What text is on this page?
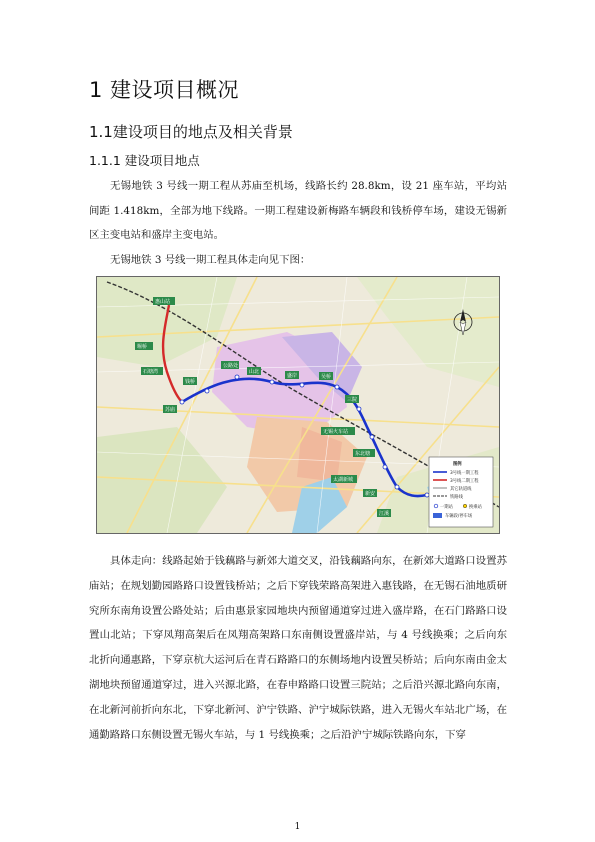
1 建设项目概况
1.1建设项目的地点及相关背景
1.1.1 建设项目地点

无锡地铁 3 号线一期工程从苏庙至机场，线路长约 28.8km，设 21 座车站，平均站间距 1.418km，全部为地下线路。一期工程建设新梅路车辆段和钱桥停车场，建设无锡新区主变电站和盛岸主变电站。

无锡地铁 3 号线一期工程具体走向见下图：

惠山站
堰桥
石塘湾
钱桥
苏庙
公路处
山北
盛岸	吴桥
三院
无锡火车站
东北塘
太湖新城
新安
江溪
图例
3号线一期工程
3号线二期工程
其它轨道线
铁路线
一期站	换乘站
车辆段/停车场

具体走向：线路起始于钱藕路与新郊大道交叉，沿钱藕路向东，在新郊大道路口设置苏庙站；在规划勤园路路口设置钱桥站；之后下穿钱荣路高架进入惠钱路，在无锡石油地质研究所东南角设置公路处站；后由惠景家园地块内预留通道穿过进入盛岸路，在石门路路口设置山北站；下穿凤翔高架后在凤翔高架路口东南侧设置盛岸站，与 4 号线换乘；之后向东北折向通惠路，下穿京杭大运河后在青石路路口的东侧场地内设置吴桥站；后向东南由金太湖地块预留通道穿过，进入兴源北路，在春申路路口设置三院站；之后沿兴源北路向东南，在北新河前折向东北，下穿北新河、沪宁铁路、沪宁城际铁路，进入无锡火车站北广场，在通勤路路口东侧设置无锡火车站，与 1 号线换乘；之后沿沪宁城际铁路向东，下穿

1
